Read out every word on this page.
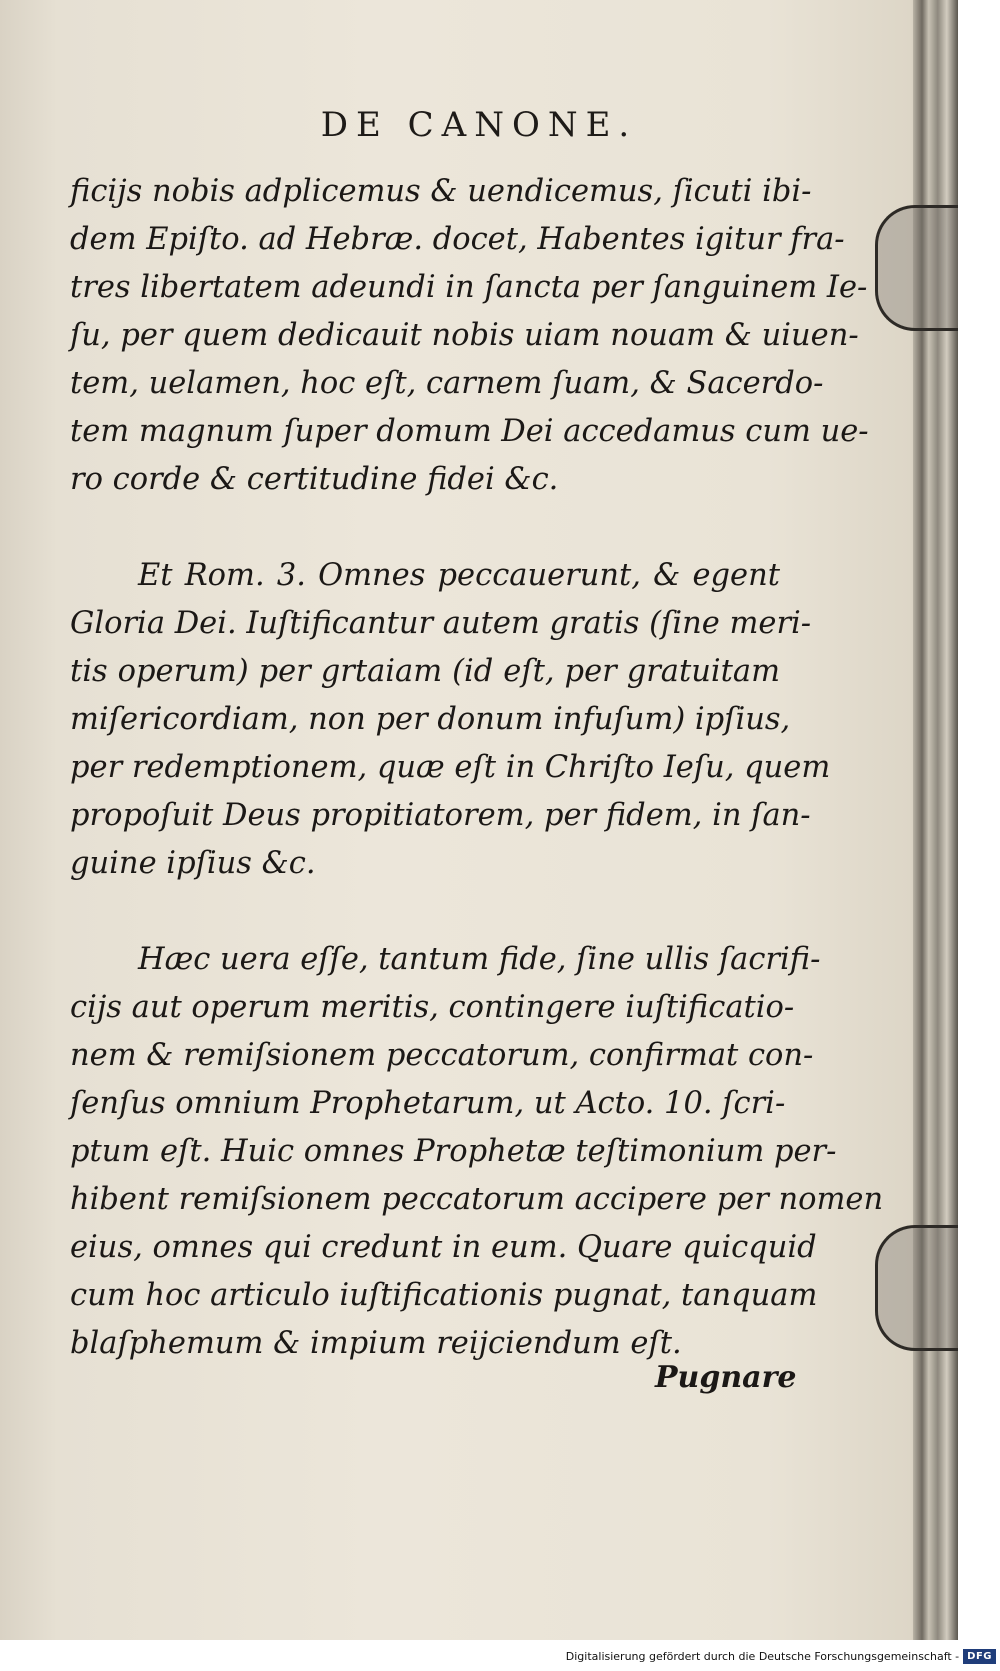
DE CANONE.
ficijs nobis adplicemus & uendicemus, ſicuti ibi-
dem Epiſto. ad Hebræ. docet, Habentes igitur fra-
tres libertatem adeundi in ſancta per ſanguinem Ie-
ſu, per quem dedicauit nobis uiam nouam & uiuen-
tem, uelamen, hoc eſt, carnem ſuam, & Sacerdo-
tem magnum ſuper domum Dei accedamus cum ue-
ro corde & certitudine fidei &c.
Et Rom. 3. Omnes peccauerunt, & egent
Gloria Dei. Iuſtificantur autem gratis (ſine meri-
tis operum) per grtaiam (id eſt, per gratuitam
miſericordiam, non per donum infuſum) ipſius,
per redemptionem, quæ eſt in Chriſto Ieſu, quem
propoſuit Deus propitiatorem, per fidem, in ſan-
guine ipſius &c.
Hæc uera eſſe, tantum fide, ſine ullis ſacrifi-
cijs aut operum meritis, contingere iuſtificatio-
nem & remiſsionem peccatorum, confirmat con-
ſenſus omnium Prophetarum, ut Acto. 10. ſcri-
ptum eſt. Huic omnes Prophetæ teſtimonium per-
hibent remiſsionem peccatorum accipere per nomen
eius, omnes qui credunt in eum. Quare quicquid
cum hoc articulo iuſtificationis pugnat, tanquam
blaſphemum & impium reijciendum eſt.
Pugnare
Digitalisierung gefördert durch die Deutsche Forschungsgemeinschaft - DFG
